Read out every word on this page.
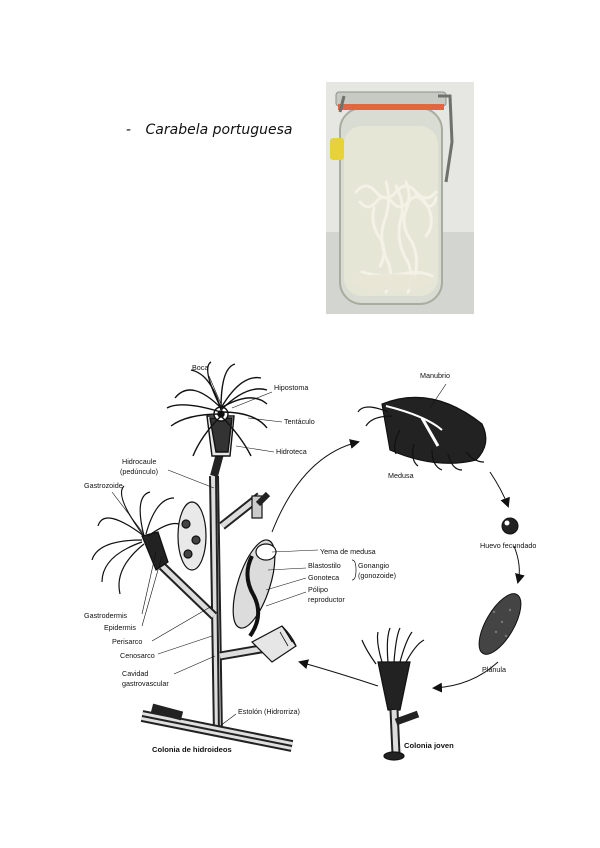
- Carabela portuguesa
Boca
Hipostoma
Tentáculo
Hidroteca
Hidrocaule
(pedúnculo)
Gastrozoide
Yema de medusa
Blastostilo
Gonoteca
Gonangio
(gonozoide)
Pólipo
reproductor
Gastrodermis
Epidermis
Perisarco
Cenosarco
Cavidad
gastrovascular
Estolón (Hidrorriza)
Colonia de hidroideos
Manubrio
Medusa
Huevo fecundado
Plánula
Colonia joven
